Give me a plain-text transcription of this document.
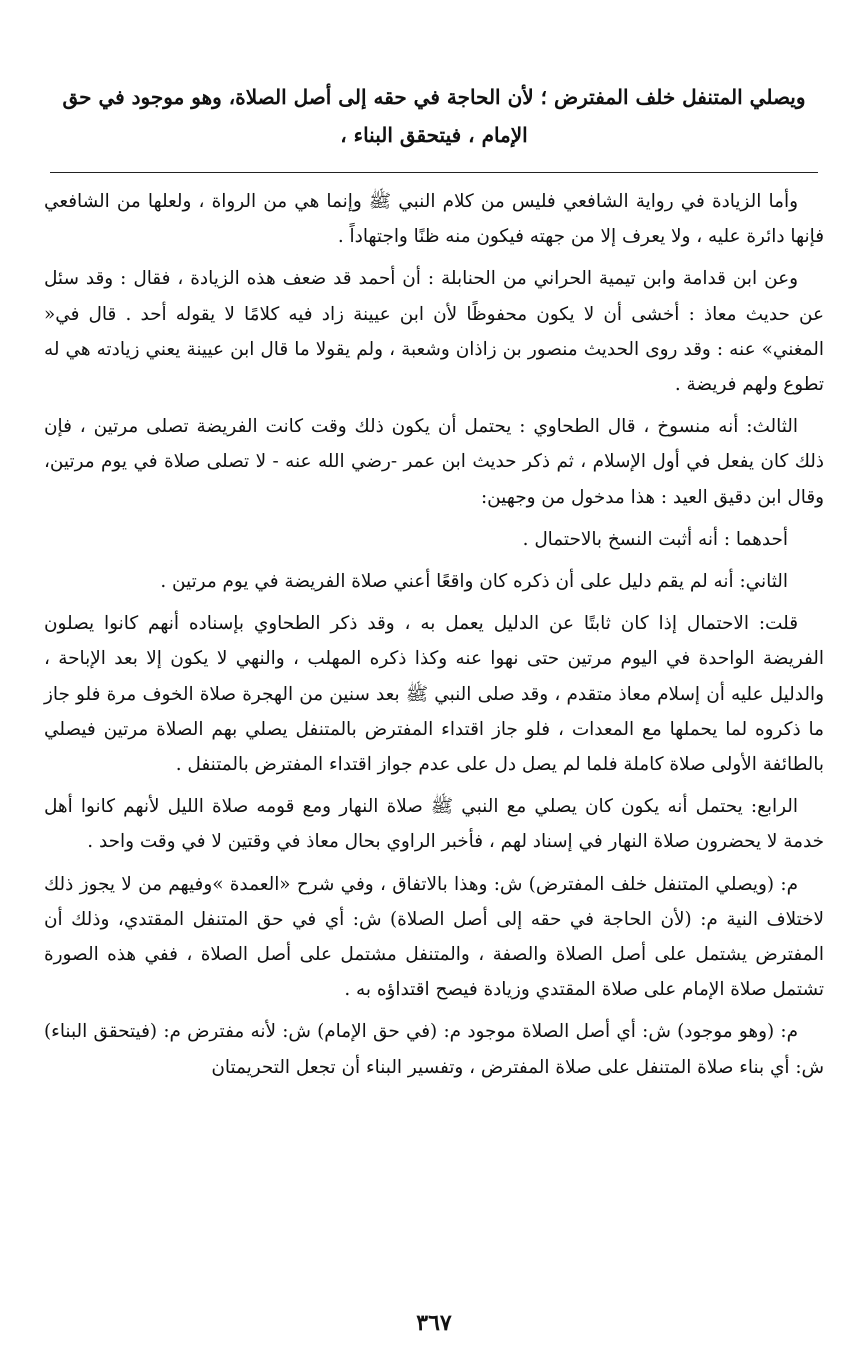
ويصلي المتنفل خلف المفترض ؛ لأن الحاجة في حقه إلى أصل الصلاة، وهو موجود في حق الإمام ، فيتحقق البناء ،

وأما الزيادة في رواية الشافعي فليس من كلام النبي ﷺ وإنما هي من الرواة ، ولعلها من الشافعي فإنها دائرة عليه ، ولا يعرف إلا من جهته فيكون منه ظنًا واجتهاداً .

وعن ابن قدامة وابن تيمية الحراني من الحنابلة : أن أحمد قد ضعف هذه الزيادة ، فقال : وقد سئل عن حديث معاذ : أخشى أن لا يكون محفوظًا لأن ابن عيينة زاد فيه كلامًا لا يقوله أحد . قال في« المغني» عنه : وقد روى الحديث منصور بن زاذان وشعبة ، ولم يقولا ما قال ابن عيينة يعني زيادته هي له تطوع ولهم فريضة .

الثالث: أنه منسوخ ، قال الطحاوي : يحتمل أن يكون ذلك وقت كانت الفريضة تصلى مرتين ، فإن ذلك كان يفعل في أول الإسلام ، ثم ذكر حديث ابن عمر -رضي الله عنه - لا تصلى صلاة في يوم مرتين، وقال ابن دقيق العيد : هذا مدخول من وجهين:

أحدهما : أنه أثبت النسخ بالاحتمال .

الثاني: أنه لم يقم دليل على أن ذكره كان واقعًا أعني صلاة الفريضة في يوم مرتين .

قلت: الاحتمال إذا كان ثابتًا عن الدليل يعمل به ، وقد ذكر الطحاوي بإسناده أنهم كانوا يصلون الفريضة الواحدة في اليوم مرتين حتى نهوا عنه وكذا ذكره المهلب ، والنهي لا يكون إلا بعد الإباحة ، والدليل عليه أن إسلام معاذ متقدم ، وقد صلى النبي ﷺ بعد سنين من الهجرة صلاة الخوف مرة فلو جاز ما ذكروه لما يحملها مع المعدات ، فلو جاز اقتداء المفترض بالمتنفل يصلي بهم الصلاة مرتين فيصلي بالطائفة الأولى صلاة كاملة فلما لم يصل دل على عدم جواز اقتداء المفترض بالمتنفل .

الرابع: يحتمل أنه يكون كان يصلي مع النبي ﷺ صلاة النهار ومع قومه صلاة الليل لأنهم كانوا أهل خدمة لا يحضرون صلاة النهار في إسناد لهم ، فأخبر الراوي بحال معاذ في وقتين لا في وقت واحد .

م: (ويصلي المتنفل خلف المفترض) ش: وهذا بالاتفاق ، وفي شرح «العمدة »وفيهم من لا يجوز ذلك لاختلاف النية م: (لأن الحاجة في حقه إلى أصل الصلاة) ش: أي في حق المتنفل المقتدي، وذلك أن المفترض يشتمل على أصل الصلاة والصفة ، والمتنفل مشتمل على أصل الصلاة ، ففي هذه الصورة تشتمل صلاة الإمام على صلاة المقتدي وزيادة فيصح اقتداؤه به .

م: (وهو موجود) ش: أي أصل الصلاة موجود م: (في حق الإمام) ش: لأنه مفترض م: (فيتحقق البناء) ش: أي بناء صلاة المتنفل على صلاة المفترض ، وتفسير البناء أن تجعل التحريمتان

٣٦٧
